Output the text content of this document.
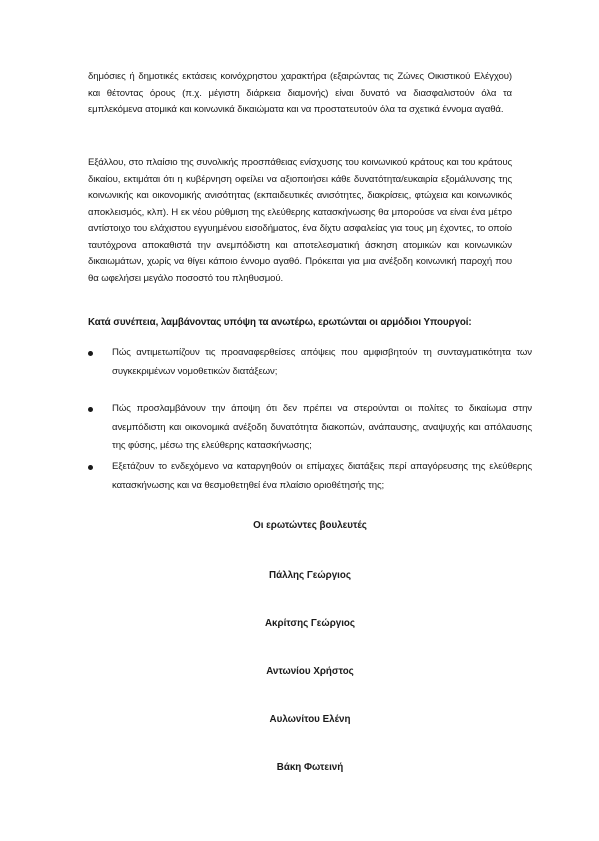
δημόσιες ή δημοτικές εκτάσεις κοινόχρηστου χαρακτήρα (εξαιρώντας τις Ζώνες Οικιστικού Ελέγχου) και θέτοντας όρους (π.χ. μέγιστη διάρκεια διαμονής) είναι δυνατό να διασφαλιστούν όλα τα εμπλεκόμενα ατομικά και κοινωνικά δικαιώματα και να προστατευτούν όλα τα σχετικά έννομα αγαθά.

Εξάλλου, στο πλαίσιο της συνολικής προσπάθειας ενίσχυσης του κοινωνικού κράτους και του κράτους δικαίου, εκτιμάται ότι η κυβέρνηση οφείλει να αξιοποιήσει κάθε δυνατότητα/ευκαιρία εξομάλυνσης της κοινωνικής και οικονομικής ανισότητας (εκπαιδευτικές ανισότητες, διακρίσεις, φτώχεια και κοινωνικός αποκλεισμός, κλπ). Η εκ νέου ρύθμιση της ελεύθερης κατασκήνωσης θα μπορούσε να είναι ένα μέτρο αντίστοιχο του ελάχιστου εγγυημένου εισοδήματος, ένα δίχτυ ασφαλείας για τους μη έχοντες, το οποίο ταυτόχρονα αποκαθιστά την ανεμπόδιστη και αποτελεσματική άσκηση ατομικών και κοινωνικών δικαιωμάτων, χωρίς να θίγει κάποιο έννομο αγαθό. Πρόκειται για μια ανέξοδη κοινωνική παροχή που θα ωφελήσει μεγάλο ποσοστό του πληθυσμού.

Κατά συνέπεια, λαμβάνοντας υπόψη τα ανωτέρω, ερωτώνται οι αρμόδιοι Υπουργοί:

Πώς αντιμετωπίζουν τις προαναφερθείσες απόψεις που αμφισβητούν τη συνταγματικότητα των συγκεκριμένων νομοθετικών διατάξεων;

Πώς προσλαμβάνουν την άποψη ότι δεν πρέπει να στερούνται οι πολίτες το δικαίωμα στην ανεμπόδιστη και οικονομικά ανέξοδη δυνατότητα διακοπών, ανάπαυσης, αναψυχής και απόλαυσης της φύσης, μέσω της ελεύθερης κατασκήνωσης;

Εξετάζουν το ενδεχόμενο να καταργηθούν οι επίμαχες διατάξεις περί απαγόρευσης της ελεύθερης κατασκήνωσης και να θεσμοθετηθεί ένα πλαίσιο οριοθέτησής της;

Οι ερωτώντες βουλευτές

Πάλλης Γεώργιος

Ακρίτσης Γεώργιος

Αντωνίου Χρήστος

Αυλωνίτου Ελένη

Βάκη Φωτεινή
